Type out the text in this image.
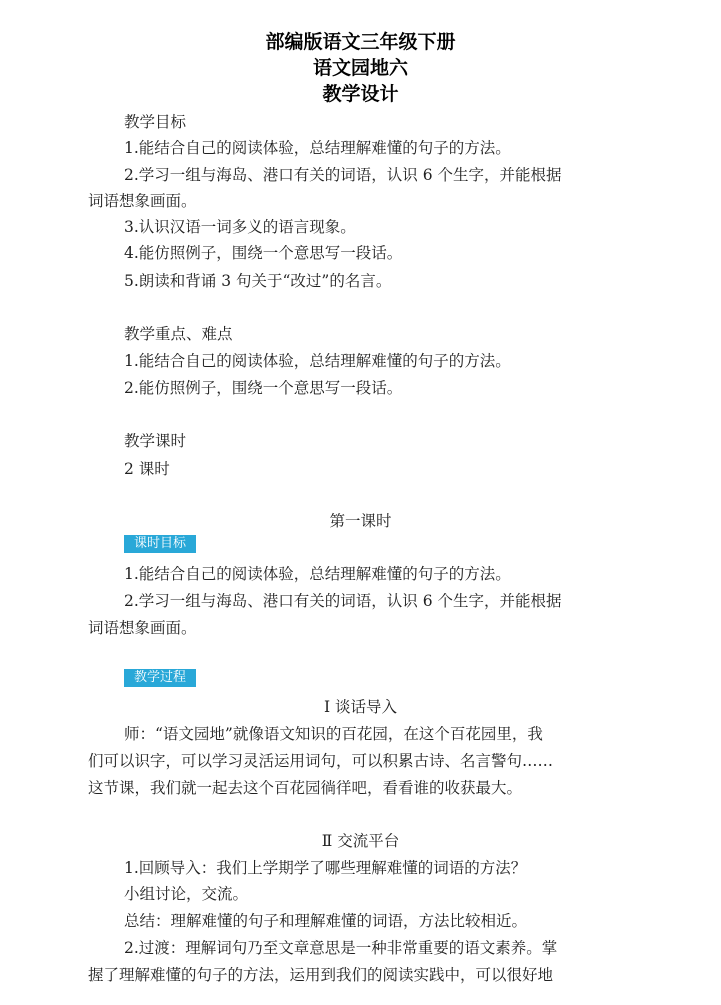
部编版语文三年级下册
语文园地六
教学设计
教学目标
1.能结合自己的阅读体验，总结理解难懂的句子的方法。
2.学习一组与海岛、港口有关的词语，认识 6 个生字，并能根据
词语想象画面。
3.认识汉语一词多义的语言现象。
4.能仿照例子，围绕一个意思写一段话。
5.朗读和背诵 3 句关于“改过”的名言。
教学重点、难点
1.能结合自己的阅读体验，总结理解难懂的句子的方法。
2.能仿照例子，围绕一个意思写一段话。
教学课时
2 课时
第一课时
课时目标
1.能结合自己的阅读体验，总结理解难懂的句子的方法。
2.学习一组与海岛、港口有关的词语，认识 6 个生字，并能根据
词语想象画面。
教学过程
Ⅰ 谈话导入
师：“语文园地”就像语文知识的百花园，在这个百花园里，我
们可以识字，可以学习灵活运用词句，可以积累古诗、名言警句……
这节课，我们就一起去这个百花园徜徉吧，看看谁的收获最大。
Ⅱ 交流平台
1.回顾导入：我们上学期学了哪些理解难懂的词语的方法？
小组讨论，交流。
总结：理解难懂的句子和理解难懂的词语，方法比较相近。
2.过渡：理解词句乃至文章意思是一种非常重要的语文素养。掌
握了理解难懂的句子的方法，运用到我们的阅读实践中，可以很好地
